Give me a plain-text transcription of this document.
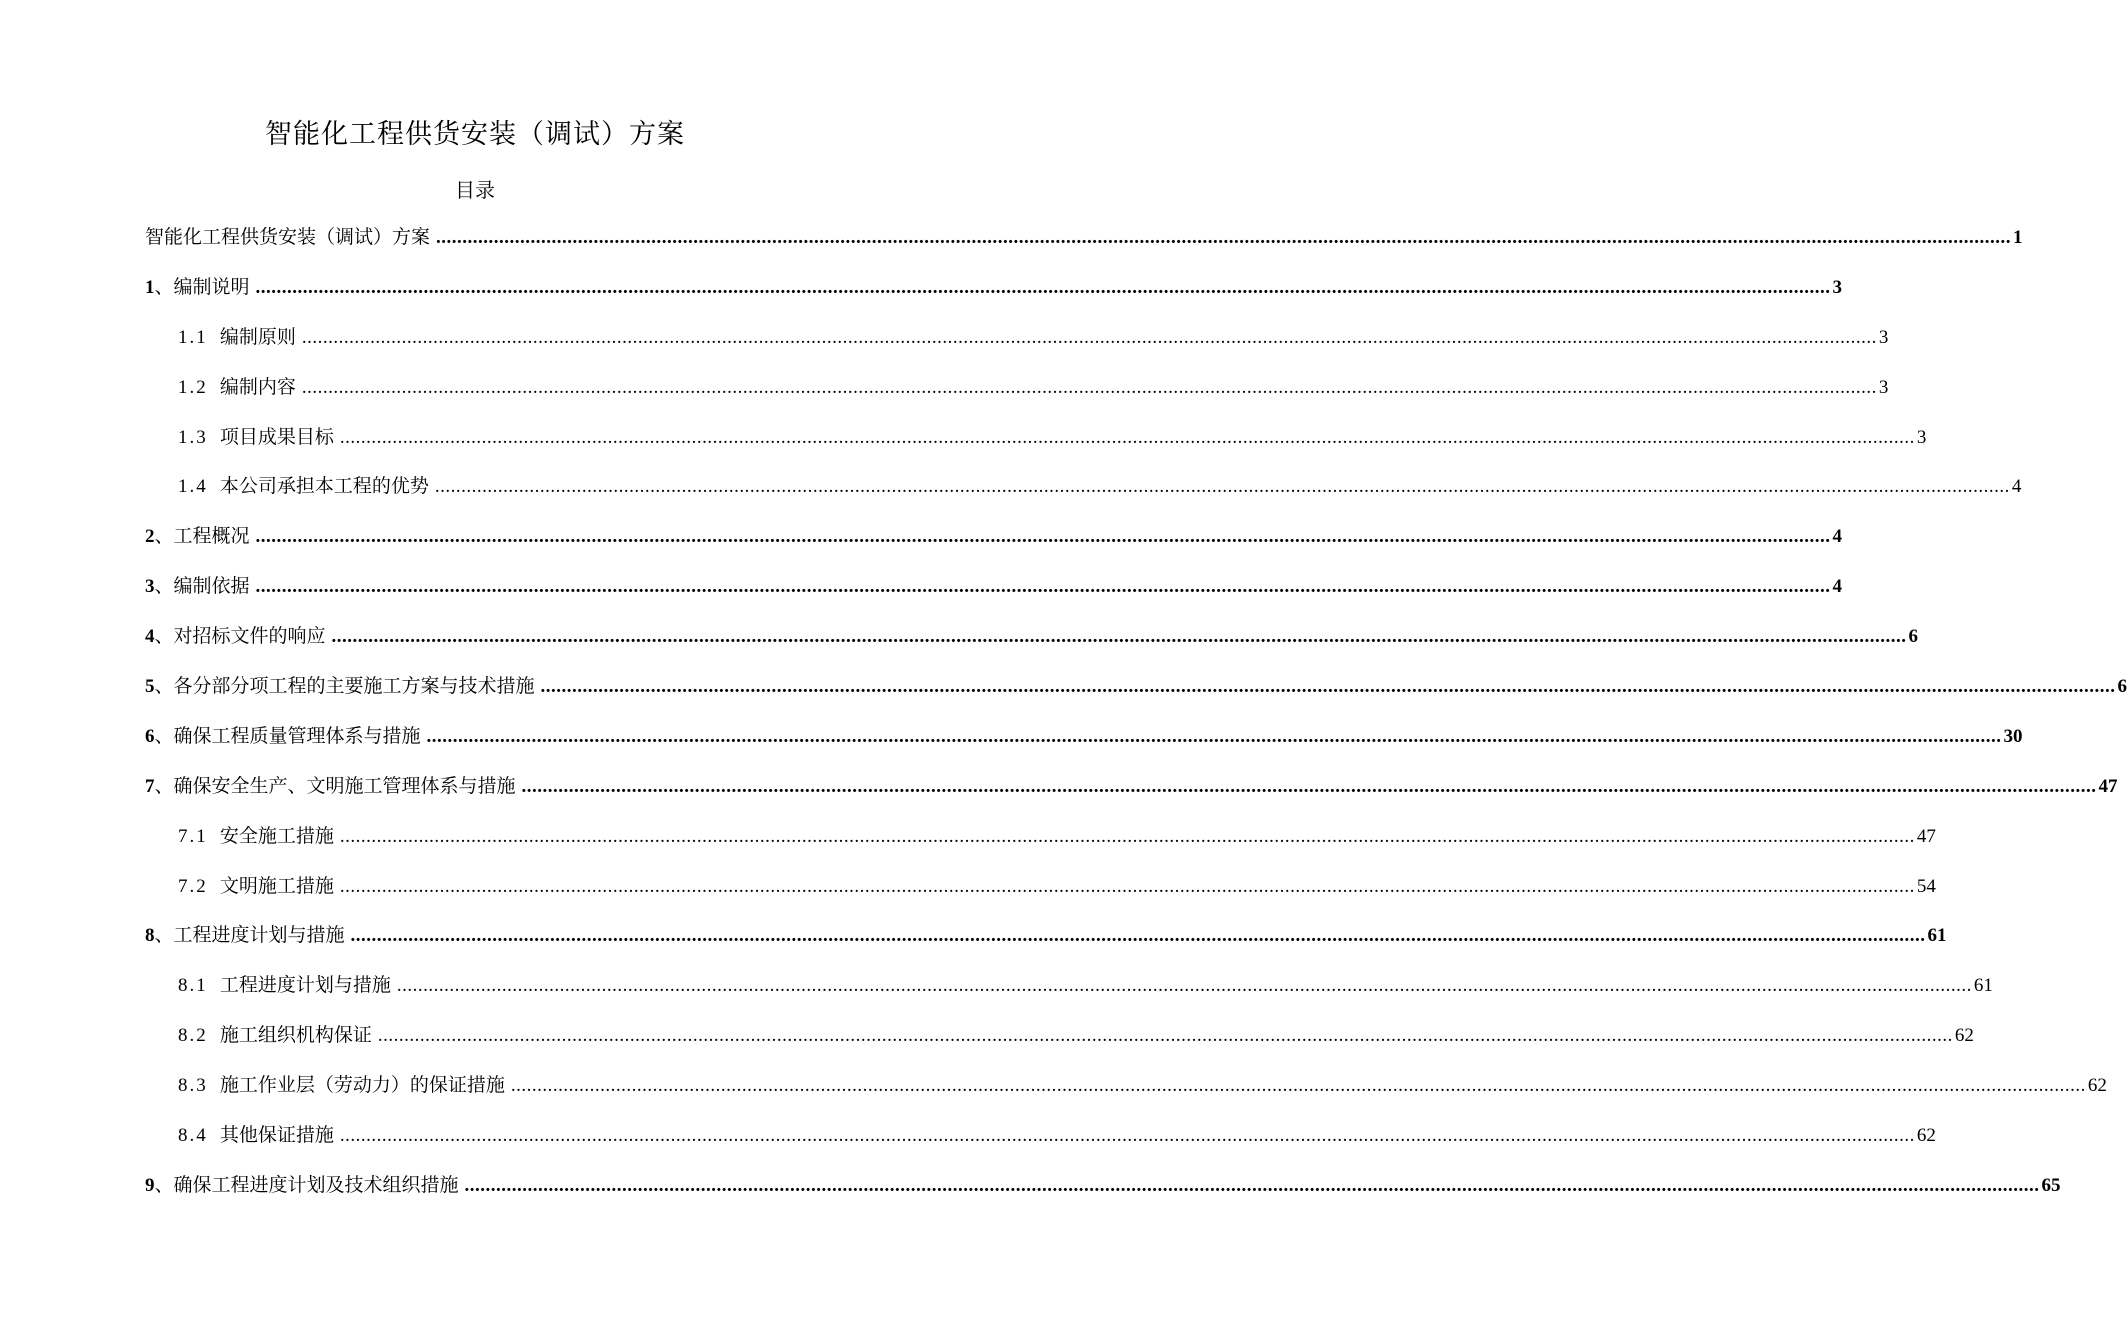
智能化工程供货安装（调试）方案
目录
智能化工程供货安装（调试）方案 ............................................................................................................................................................................................................................................................................................................ 1
1、编制说明 ............................................................................................................................................................................................................................................................................................................ 3
1.1 编制原则 ............................................................................................................................................................................................................................................................................................................ 3
1.2 编制内容 ............................................................................................................................................................................................................................................................................................................ 3
1.3 项目成果目标 ............................................................................................................................................................................................................................................................................................................ 3
1.4 本公司承担本工程的优势 ............................................................................................................................................................................................................................................................................................................ 4
2、工程概况 ............................................................................................................................................................................................................................................................................................................ 4
3、编制依据 ............................................................................................................................................................................................................................................................................................................ 4
4、对招标文件的响应 ............................................................................................................................................................................................................................................................................................................ 6
5、各分部分项工程的主要施工方案与技术措施 ............................................................................................................................................................................................................................................................................................................ 6
6、确保工程质量管理体系与措施 ............................................................................................................................................................................................................................................................................................................ 30
7、确保安全生产、文明施工管理体系与措施 ............................................................................................................................................................................................................................................................................................................ 47
7.1 安全施工措施 ............................................................................................................................................................................................................................................................................................................ 47
7.2 文明施工措施 ............................................................................................................................................................................................................................................................................................................ 54
8、工程进度计划与措施 ............................................................................................................................................................................................................................................................................................................ 61
8.1 工程进度计划与措施 ............................................................................................................................................................................................................................................................................................................ 61
8.2 施工组织机构保证 ............................................................................................................................................................................................................................................................................................................ 62
8.3 施工作业层（劳动力）的保证措施 ............................................................................................................................................................................................................................................................................................................ 62
8.4 其他保证措施 ............................................................................................................................................................................................................................................................................................................ 62
9、确保工程进度计划及技术组织措施 ............................................................................................................................................................................................................................................................................................................ 65
